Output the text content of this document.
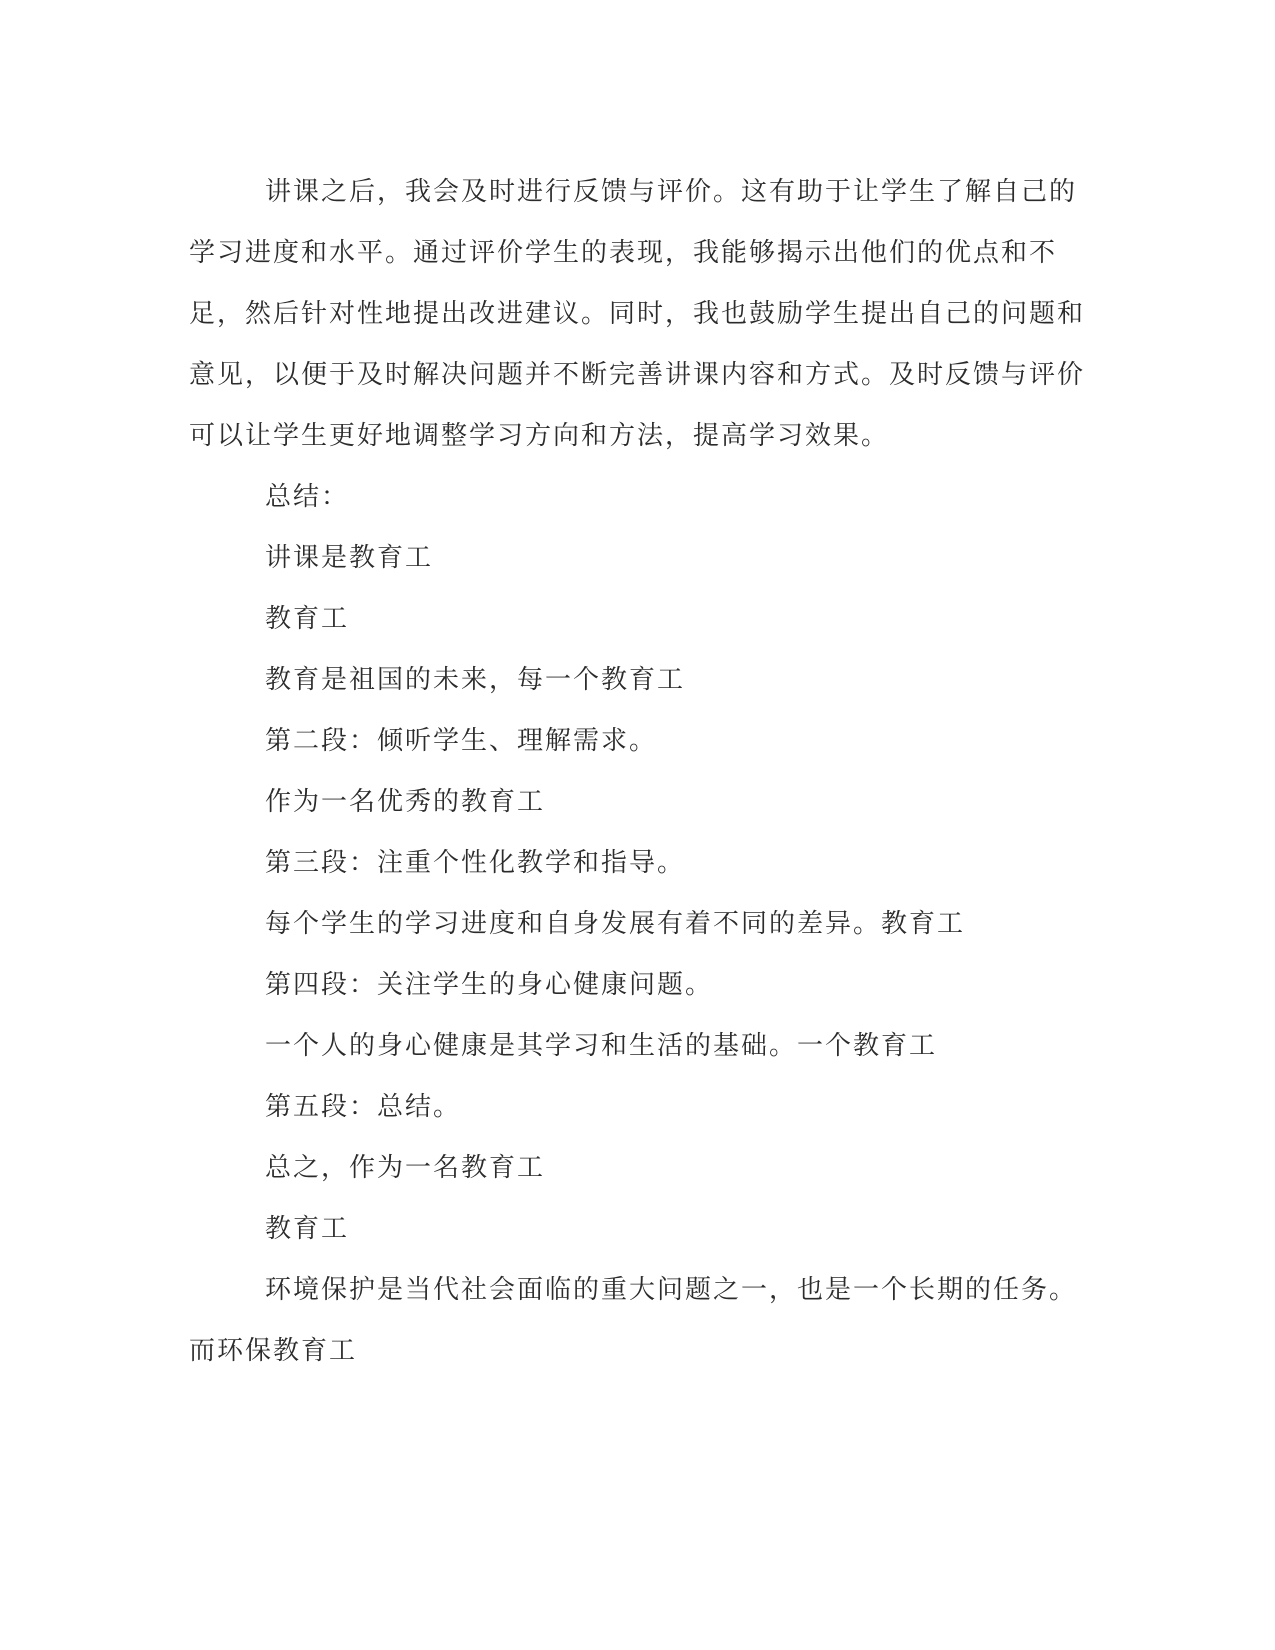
讲课之后，我会及时进行反馈与评价。这有助于让学生了解自己的学习进度和水平。通过评价学生的表现，我能够揭示出他们的优点和不足，然后针对性地提出改进建议。同时，我也鼓励学生提出自己的问题和意见，以便于及时解决问题并不断完善讲课内容和方式。及时反馈与评价可以让学生更好地调整学习方向和方法，提高学习效果。

总结：

讲课是教育工

教育工

教育是祖国的未来，每一个教育工

第二段：倾听学生、理解需求。

作为一名优秀的教育工

第三段：注重个性化教学和指导。

每个学生的学习进度和自身发展有着不同的差异。教育工

第四段：关注学生的身心健康问题。

一个人的身心健康是其学习和生活的基础。一个教育工

第五段：总结。

总之，作为一名教育工

教育工

环境保护是当代社会面临的重大问题之一，也是一个长期的任务。而环保教育工
